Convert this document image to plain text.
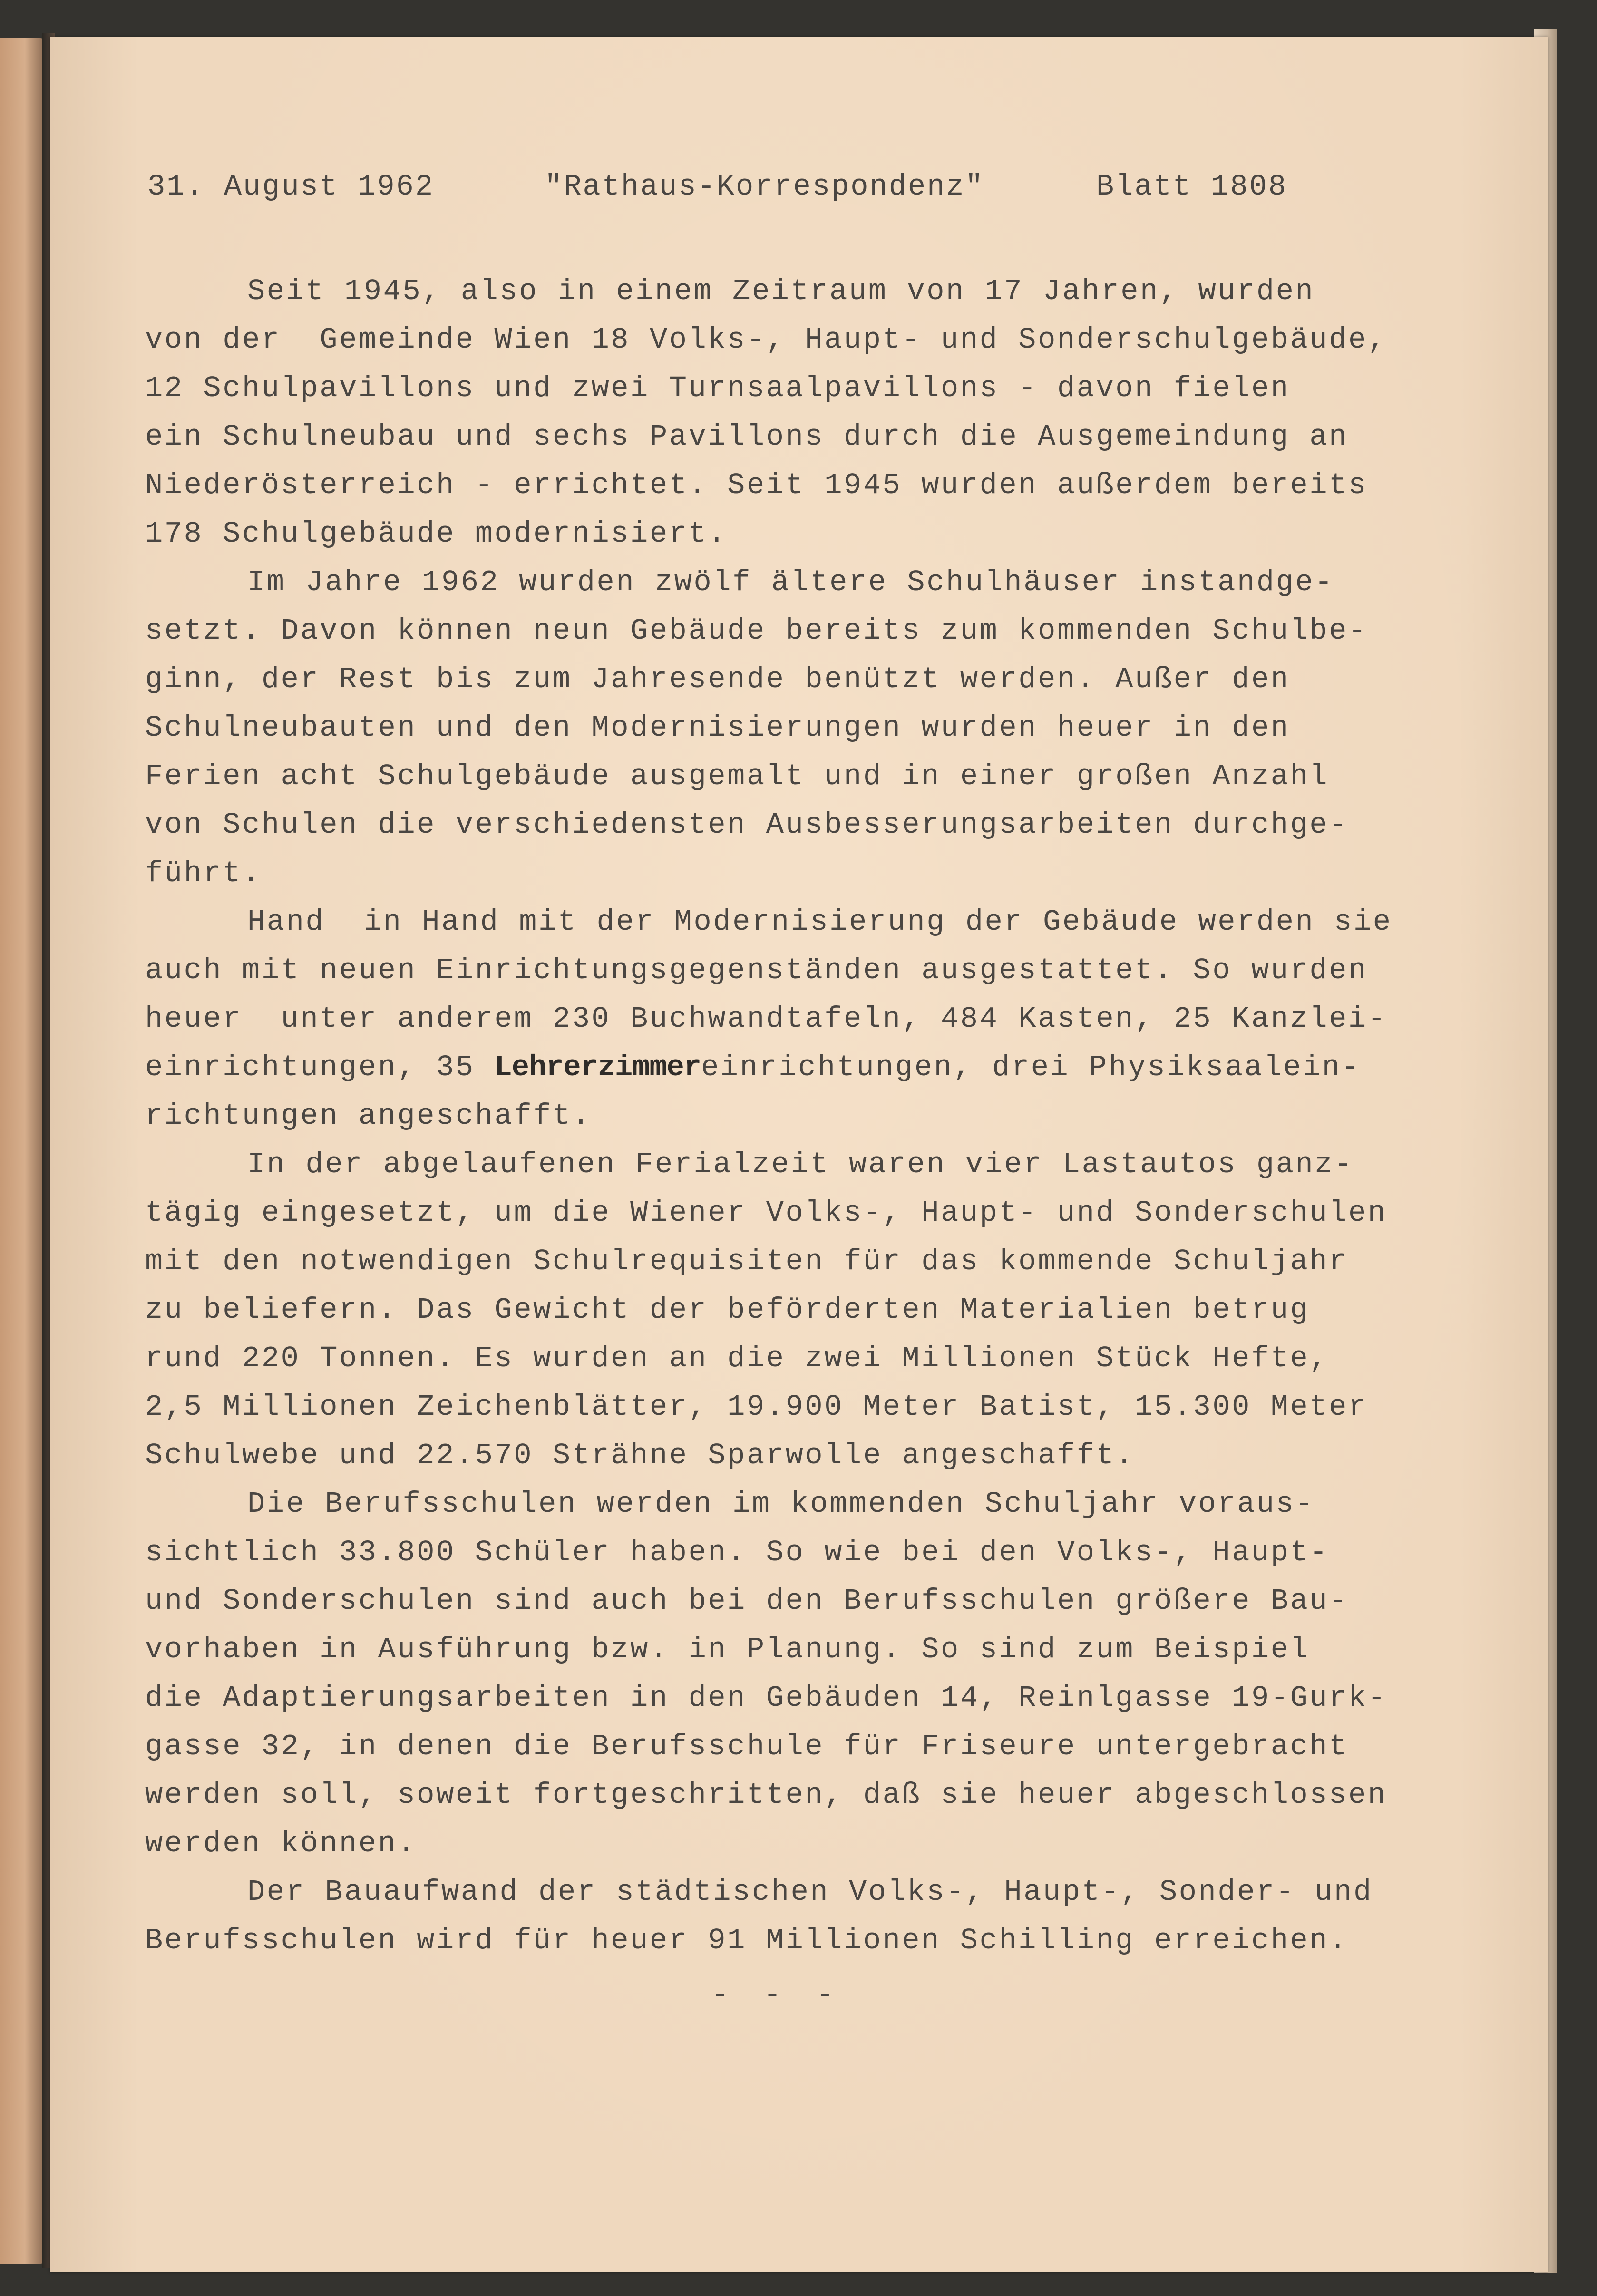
31. August 1962	"Rathaus-Korrespondenz"	Blatt 1808
Seit 1945, also in einem Zeitraum von 17 Jahren, wurden
von der  Gemeinde Wien 18 Volks-, Haupt- und Sonderschulgebäude,
12 Schulpavillons und zwei Turnsaalpavillons - davon fielen
ein Schulneubau und sechs Pavillons durch die Ausgemeindung an
Niederösterreich - errichtet. Seit 1945 wurden außerdem bereits
178 Schulgebäude modernisiert.
Im Jahre 1962 wurden zwölf ältere Schulhäuser instandge-
setzt. Davon können neun Gebäude bereits zum kommenden Schulbe-
ginn, der Rest bis zum Jahresende benützt werden. Außer den
Schulneubauten und den Modernisierungen wurden heuer in den
Ferien acht Schulgebäude ausgemalt und in einer großen Anzahl
von Schulen die verschiedensten Ausbesserungsarbeiten durchge-
führt.
Hand  in Hand mit der Modernisierung der Gebäude werden sie
auch mit neuen Einrichtungsgegenständen ausgestattet. So wurden
heuer  unter anderem 230 Buchwandtafeln, 484 Kasten, 25 Kanzlei-
einrichtungen, 35 Lehrerzimmereinrichtungen, drei Physiksaalein-
richtungen angeschafft.
In der abgelaufenen Ferialzeit waren vier Lastautos ganz-
tägig eingesetzt, um die Wiener Volks-, Haupt- und Sonderschulen
mit den notwendigen Schulrequisiten für das kommende Schuljahr
zu beliefern. Das Gewicht der beförderten Materialien betrug
rund 220 Tonnen. Es wurden an die zwei Millionen Stück Hefte,
2,5 Millionen Zeichenblätter, 19.900 Meter Batist, 15.300 Meter
Schulwebe und 22.570 Strähne Sparwolle angeschafft.
Die Berufsschulen werden im kommenden Schuljahr voraus-
sichtlich 33.800 Schüler haben. So wie bei den Volks-, Haupt-
und Sonderschulen sind auch bei den Berufsschulen größere Bau-
vorhaben in Ausführung bzw. in Planung. So sind zum Beispiel
die Adaptierungsarbeiten in den Gebäuden 14, Reinlgasse 19-Gurk-
gasse 32, in denen die Berufsschule für Friseure untergebracht
werden soll, soweit fortgeschritten, daß sie heuer abgeschlossen
werden können.
Der Bauaufwand der städtischen Volks-, Haupt-, Sonder- und
Berufsschulen wird für heuer 91 Millionen Schilling erreichen.
- - -
